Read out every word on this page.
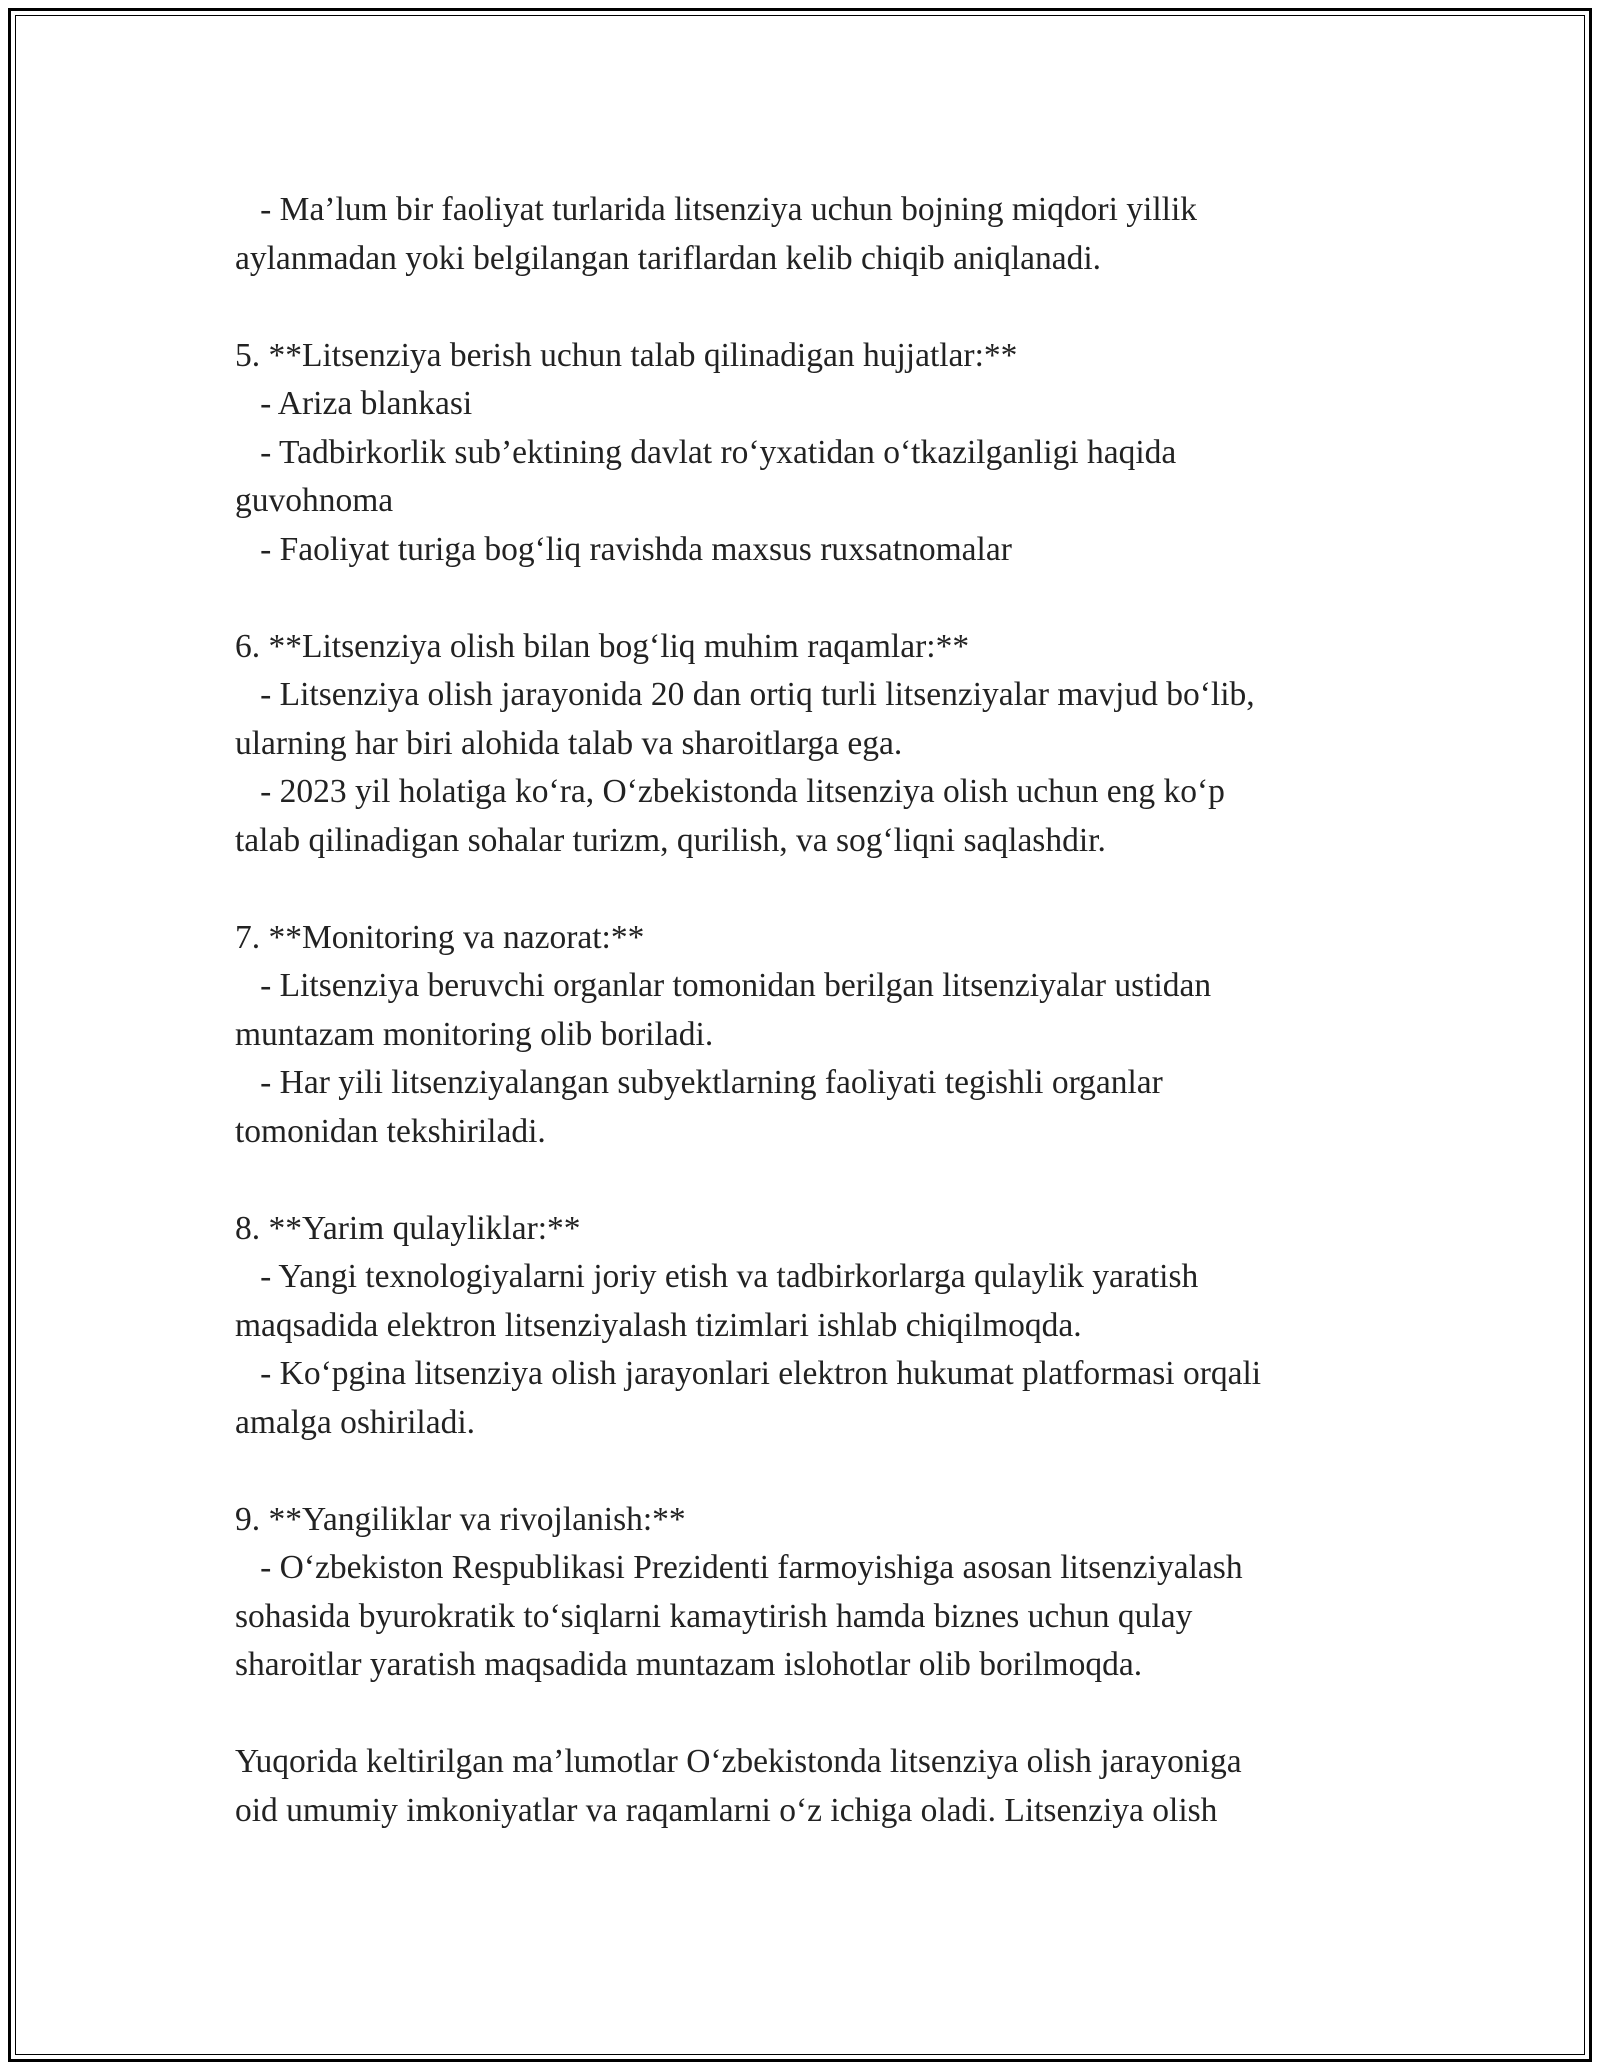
- Ma’lum bir faoliyat turlarida litsenziya uchun bojning miqdori yillik
aylanmadan yoki belgilangan tariflardan kelib chiqib aniqlanadi.
5. **Litsenziya berish uchun talab qilinadigan hujjatlar:**
- Ariza blankasi
- Tadbirkorlik sub’ektining davlat ro‘yxatidan o‘tkazilganligi haqida
guvohnoma
- Faoliyat turiga bog‘liq ravishda maxsus ruxsatnomalar
6. **Litsenziya olish bilan bog‘liq muhim raqamlar:**
- Litsenziya olish jarayonida 20 dan ortiq turli litsenziyalar mavjud bo‘lib,
ularning har biri alohida talab va sharoitlarga ega.
- 2023 yil holatiga ko‘ra, O‘zbekistonda litsenziya olish uchun eng ko‘p
talab qilinadigan sohalar turizm, qurilish, va sog‘liqni saqlashdir.
7. **Monitoring va nazorat:**
- Litsenziya beruvchi organlar tomonidan berilgan litsenziyalar ustidan
muntazam monitoring olib boriladi.
- Har yili litsenziyalangan subyektlarning faoliyati tegishli organlar
tomonidan tekshiriladi.
8. **Yarim qulayliklar:**
- Yangi texnologiyalarni joriy etish va tadbirkorlarga qulaylik yaratish
maqsadida elektron litsenziyalash tizimlari ishlab chiqilmoqda.
- Ko‘pgina litsenziya olish jarayonlari elektron hukumat platformasi orqali
amalga oshiriladi.
9. **Yangiliklar va rivojlanish:**
- O‘zbekiston Respublikasi Prezidenti farmoyishiga asosan litsenziyalash
sohasida byurokratik to‘siqlarni kamaytirish hamda biznes uchun qulay
sharoitlar yaratish maqsadida muntazam islohotlar olib borilmoqda.
Yuqorida keltirilgan ma’lumotlar O‘zbekistonda litsenziya olish jarayoniga
oid umumiy imkoniyatlar va raqamlarni o‘z ichiga oladi. Litsenziya olish
